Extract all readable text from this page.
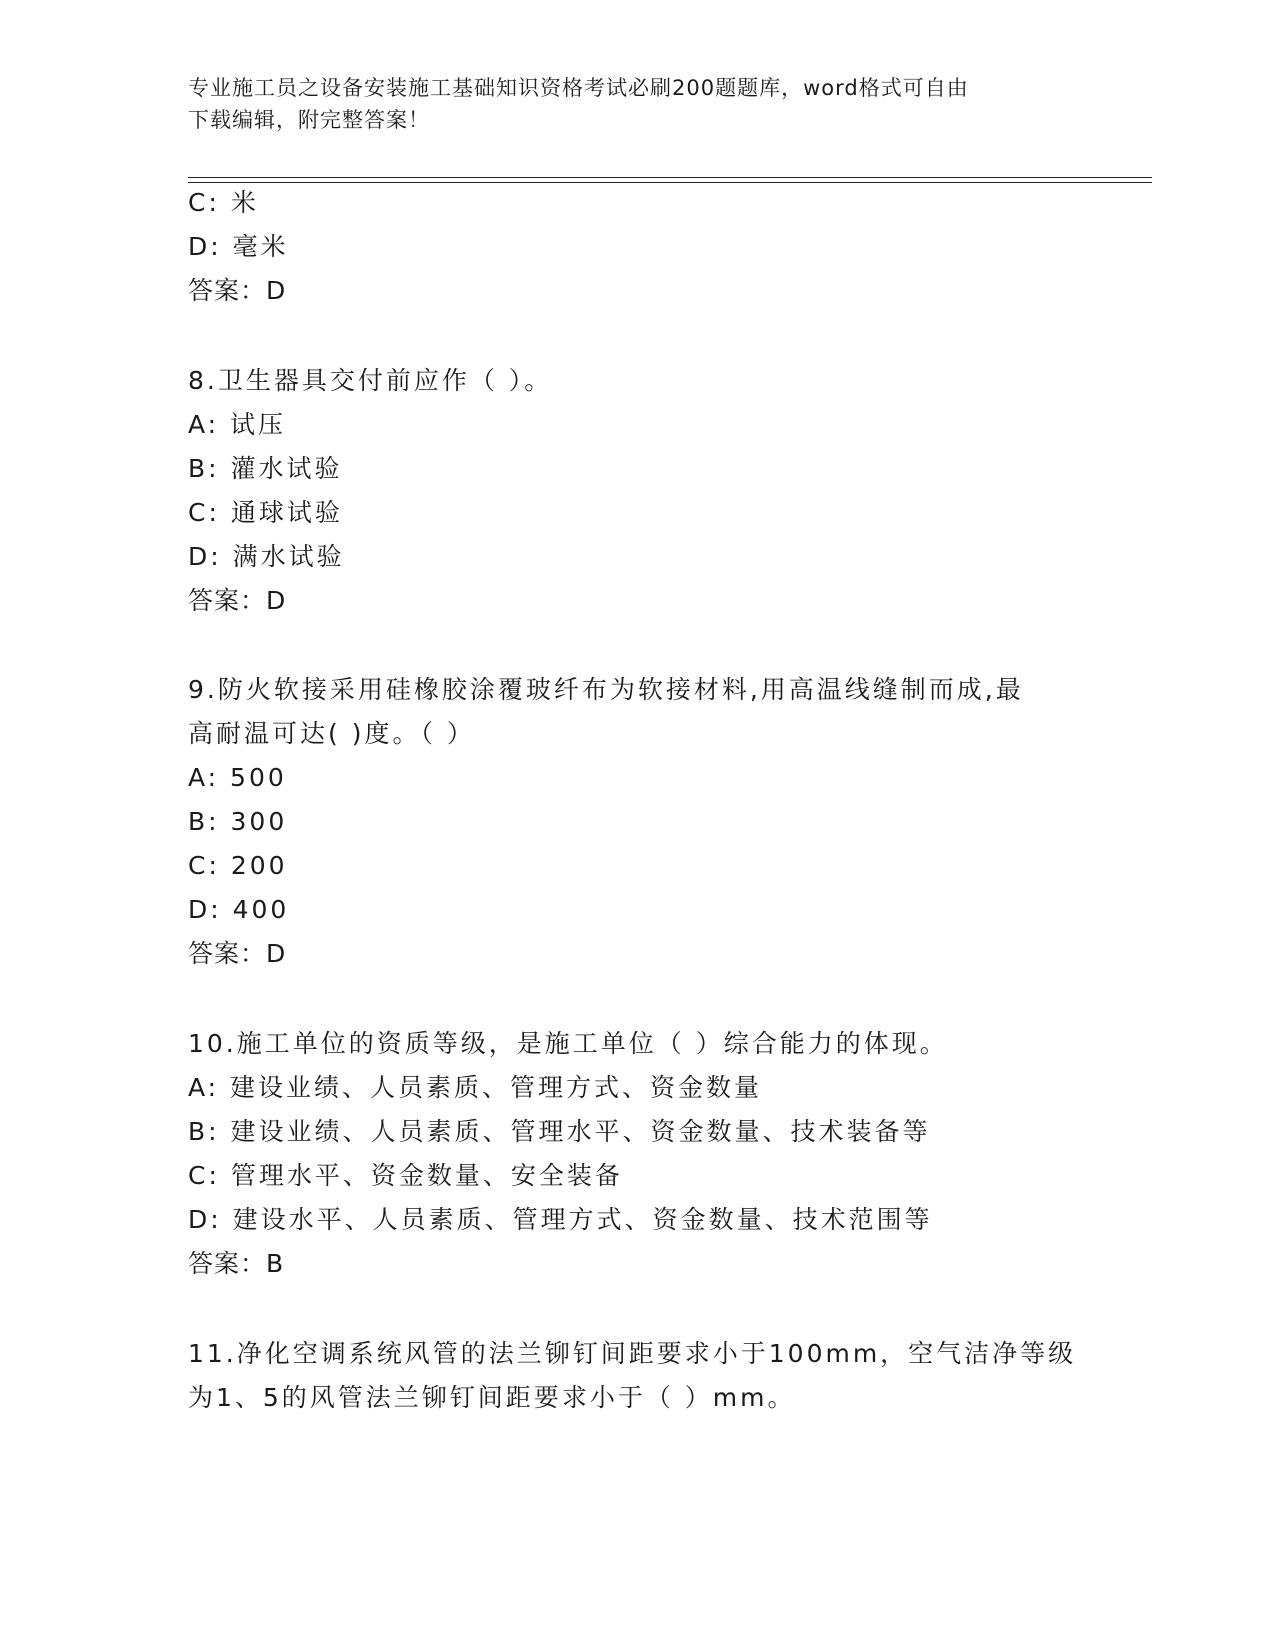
专业施工员之设备安装施工基础知识资格考试必刷200题题库，word格式可自由
下载编辑，附完整答案！
C: 米
D: 毫米
答案：D
8.卫生器具交付前应作（ ）。
A: 试压
B: 灌水试验
C: 通球试验
D: 满水试验
答案：D
9.防火软接采用硅橡胶涂覆玻纤布为软接材料,用高温线缝制而成,最
高耐温可达( )度。（ ）
A: 500
B: 300
C: 200
D: 400
答案：D
10.施工单位的资质等级，是施工单位（ ）综合能力的体现。
A: 建设业绩、人员素质、管理方式、资金数量
B: 建设业绩、人员素质、管理水平、资金数量、技术装备等
C: 管理水平、资金数量、安全装备
D: 建设水平、人员素质、管理方式、资金数量、技术范围等
答案：B
11.净化空调系统风管的法兰铆钉间距要求小于100mm，空气洁净等级
为1、5的风管法兰铆钉间距要求小于（ ）mm。
